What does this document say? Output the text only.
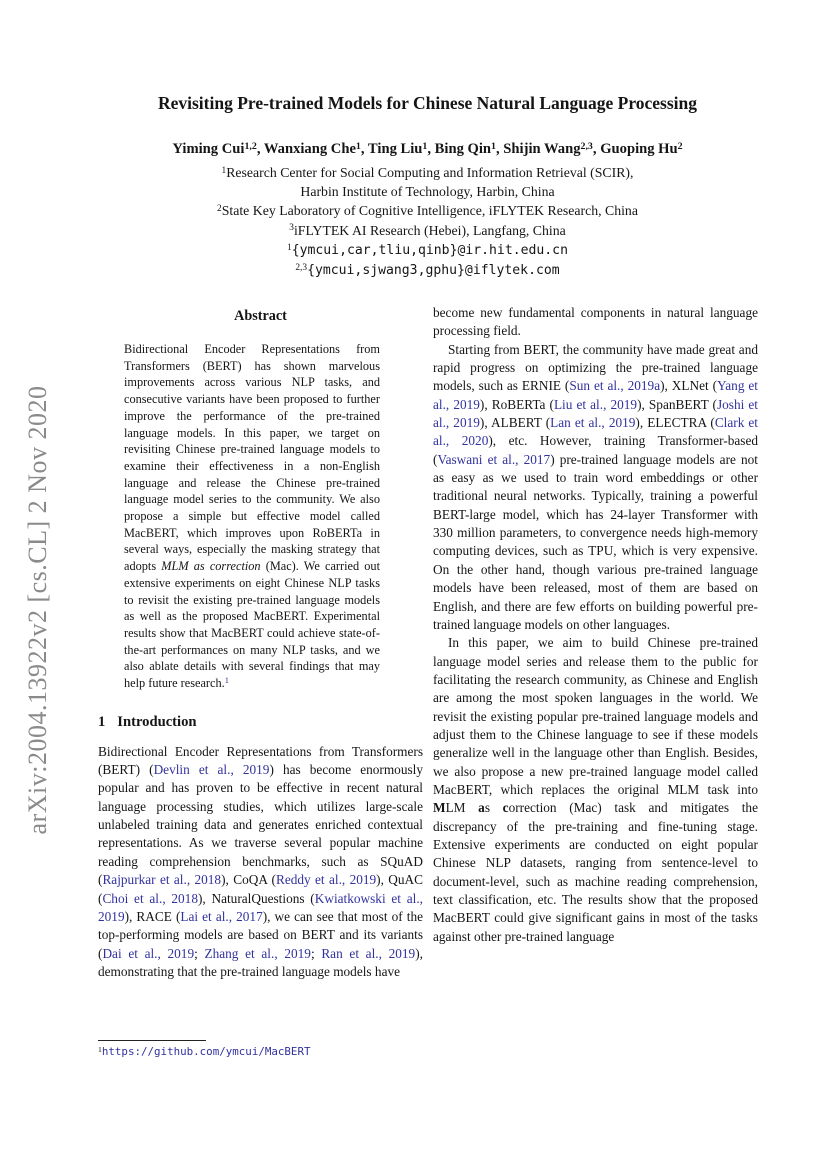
arXiv:2004.13922v2 [cs.CL] 2 Nov 2020
Revisiting Pre-trained Models for Chinese Natural Language Processing
Yiming Cui$^{1,2}$, Wanxiang Che$^1$, Ting Liu$^1$, Bing Qin$^1$, Shijin Wang$^{2,3}$, Guoping Hu$^2$
$^1$Research Center for Social Computing and Information Retrieval (SCIR),
Harbin Institute of Technology, Harbin, China
$^2$State Key Laboratory of Cognitive Intelligence, iFLYTEK Research, China
$^3$iFLYTEK AI Research (Hebei), Langfang, China
$^1${ymcui,car,tliu,qinb}@ir.hit.edu.cn
$^{2,3}${ymcui,sjwang3,gphu}@iflytek.com
Abstract

Bidirectional Encoder Representations from Transformers (BERT) has shown marvelous improvements across various NLP tasks, and consecutive variants have been proposed to further improve the performance of the pre-trained language models. In this paper, we target on revisiting Chinese pre-trained language models to examine their effectiveness in a non-English language and release the Chinese pre-trained language model series to the community. We also propose a simple but effective model called MacBERT, which improves upon RoBERTa in several ways, especially the masking strategy that adopts MLM as correction (Mac). We carried out extensive experiments on eight Chinese NLP tasks to revisit the existing pre-trained language models as well as the proposed MacBERT. Experimental results show that MacBERT could achieve state-of-the-art performances on many NLP tasks, and we also ablate details with several findings that may help future research.$^1$

1 Introduction

Bidirectional Encoder Representations from Transformers (BERT) (Devlin et al., 2019) has become enormously popular and has proven to be effective in recent natural language processing studies, which utilizes large-scale unlabeled training data and generates enriched contextual representations. As we traverse several popular machine reading comprehension benchmarks, such as SQuAD (Rajpurkar et al., 2018), CoQA (Reddy et al., 2019), QuAC (Choi et al., 2018), NaturalQuestions (Kwiatkowski et al., 2019), RACE (Lai et al., 2017), we can see that most of the top-performing models are based on BERT and its variants (Dai et al., 2019; Zhang et al., 2019; Ran et al., 2019), demonstrating that the pre-trained language models have

become new fundamental components in natural language processing field.

Starting from BERT, the community have made great and rapid progress on optimizing the pre-trained language models, such as ERNIE (Sun et al., 2019a), XLNet (Yang et al., 2019), RoBERTa (Liu et al., 2019), SpanBERT (Joshi et al., 2019), ALBERT (Lan et al., 2019), ELECTRA (Clark et al., 2020), etc. However, training Transformer-based (Vaswani et al., 2017) pre-trained language models are not as easy as we used to train word embeddings or other traditional neural networks. Typically, training a powerful BERT-large model, which has 24-layer Transformer with 330 million parameters, to convergence needs high-memory computing devices, such as TPU, which is very expensive. On the other hand, though various pre-trained language models have been released, most of them are based on English, and there are few efforts on building powerful pre-trained language models on other languages.

In this paper, we aim to build Chinese pre-trained language model series and release them to the public for facilitating the research community, as Chinese and English are among the most spoken languages in the world. We revisit the existing popular pre-trained language models and adjust them to the Chinese language to see if these models generalize well in the language other than English. Besides, we also propose a new pre-trained language model called MacBERT, which replaces the original MLM task into MLM as correction (Mac) task and mitigates the discrepancy of the pre-training and fine-tuning stage. Extensive experiments are conducted on eight popular Chinese NLP datasets, ranging from sentence-level to document-level, such as machine reading comprehension, text classification, etc. The results show that the proposed MacBERT could give significant gains in most of the tasks against other pre-trained language

$^1$https://github.com/ymcui/MacBERT
